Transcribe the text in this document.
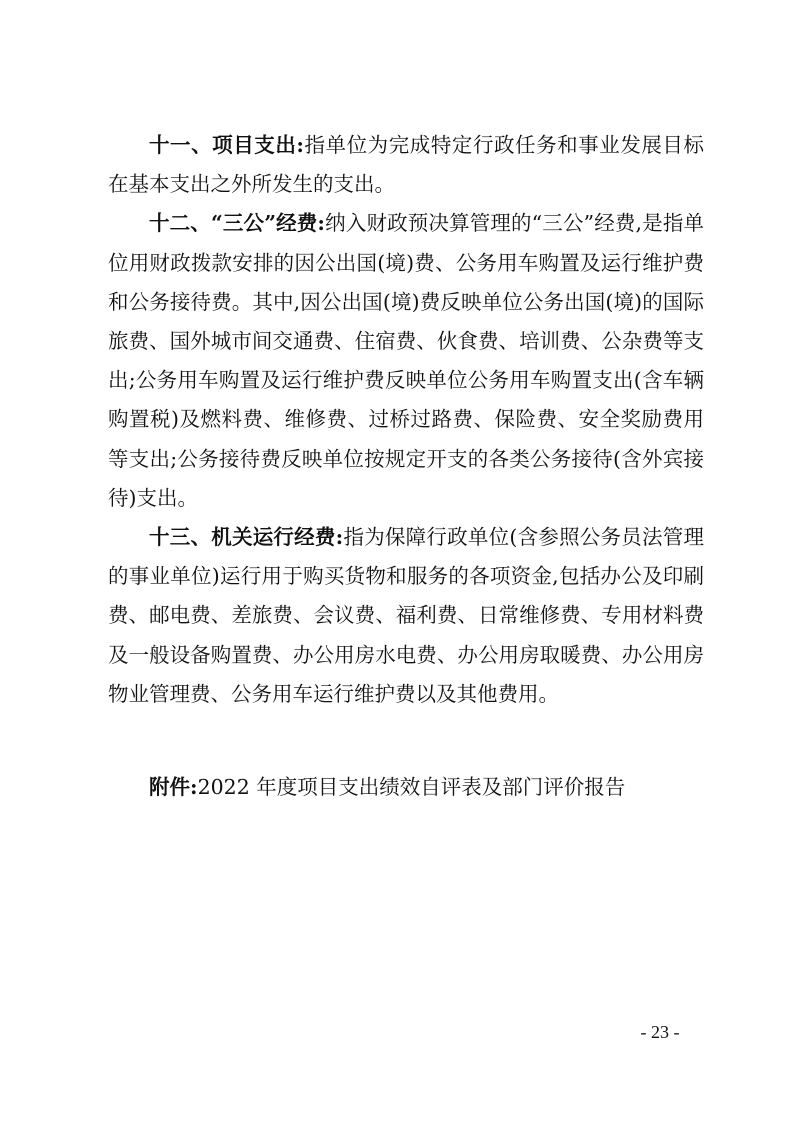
十一、项目支出:指单位为完成特定行政任务和事业发展目标在基本支出之外所发生的支出。

十二、“三公”经费:纳入财政预决算管理的“三公”经费,是指单位用财政拨款安排的因公出国(境)费、公务用车购置及运行维护费和公务接待费。其中,因公出国(境)费反映单位公务出国(境)的国际旅费、国外城市间交通费、住宿费、伙食费、培训费、公杂费等支出;公务用车购置及运行维护费反映单位公务用车购置支出(含车辆购置税)及燃料费、维修费、过桥过路费、保险费、安全奖励费用等支出;公务接待费反映单位按规定开支的各类公务接待(含外宾接待)支出。

十三、机关运行经费:指为保障行政单位(含参照公务员法管理的事业单位)运行用于购买货物和服务的各项资金,包括办公及印刷费、邮电费、差旅费、会议费、福利费、日常维修费、专用材料费及一般设备购置费、办公用房水电费、办公用房取暖费、办公用房物业管理费、公务用车运行维护费以及其他费用。

附件:2022 年度项目支出绩效自评表及部门评价报告
- 23 -
